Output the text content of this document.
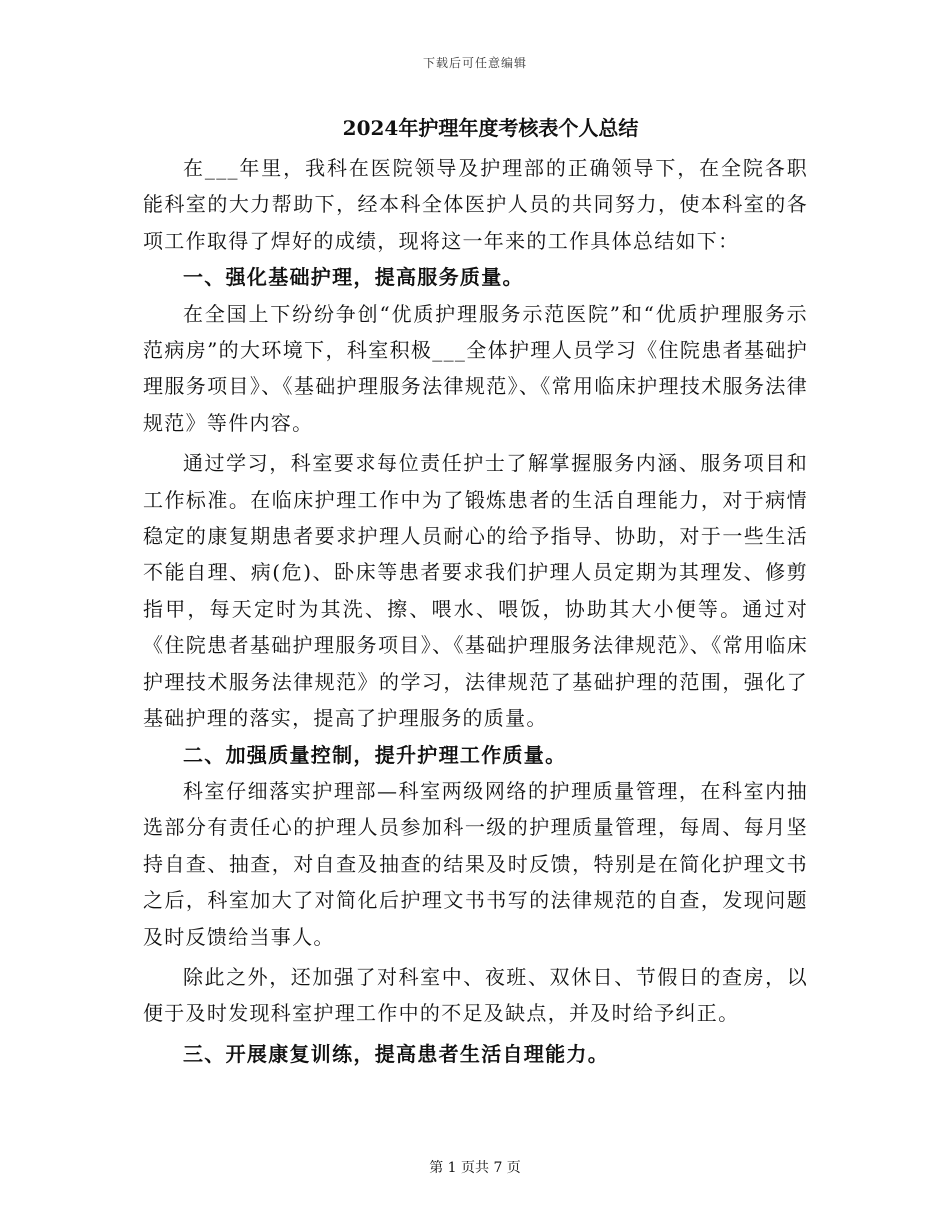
下载后可任意编辑
2024年护理年度考核表个人总结

在___年里，我科在医院领导及护理部的正确领导下，在全院各职能科室的大力帮助下，经本科全体医护人员的共同努力，使本科室的各项工作取得了焊好的成绩，现将这一年来的工作具体总结如下：

一、强化基础护理，提高服务质量。

在全国上下纷纷争创“优质护理服务示范医院”和“优质护理服务示范病房”的大环境下，科室积极___全体护理人员学习《住院患者基础护理服务项目》、《基础护理服务法律规范》、《常用临床护理技术服务法律规范》等件内容。

通过学习，科室要求每位责任护士了解掌握服务内涵、服务项目和工作标准。在临床护理工作中为了锻炼患者的生活自理能力，对于病情稳定的康复期患者要求护理人员耐心的给予指导、协助，对于一些生活不能自理、病(危)、卧床等患者要求我们护理人员定期为其理发、修剪指甲，每天定时为其洗、擦、喂水、喂饭，协助其大小便等。通过对《住院患者基础护理服务项目》、《基础护理服务法律规范》、《常用临床护理技术服务法律规范》的学习，法律规范了基础护理的范围，强化了基础护理的落实，提高了护理服务的质量。

二、加强质量控制，提升护理工作质量。

科室仔细落实护理部—科室两级网络的护理质量管理，在科室内抽选部分有责任心的护理人员参加科一级的护理质量管理，每周、每月坚持自查、抽查，对自查及抽查的结果及时反馈，特别是在简化护理文书之后，科室加大了对简化后护理文书书写的法律规范的自查，发现问题及时反馈给当事人。

除此之外，还加强了对科室中、夜班、双休日、节假日的查房，以便于及时发现科室护理工作中的不足及缺点，并及时给予纠正。

三、开展康复训练，提高患者生活自理能力。

第 1 页共 7 页
